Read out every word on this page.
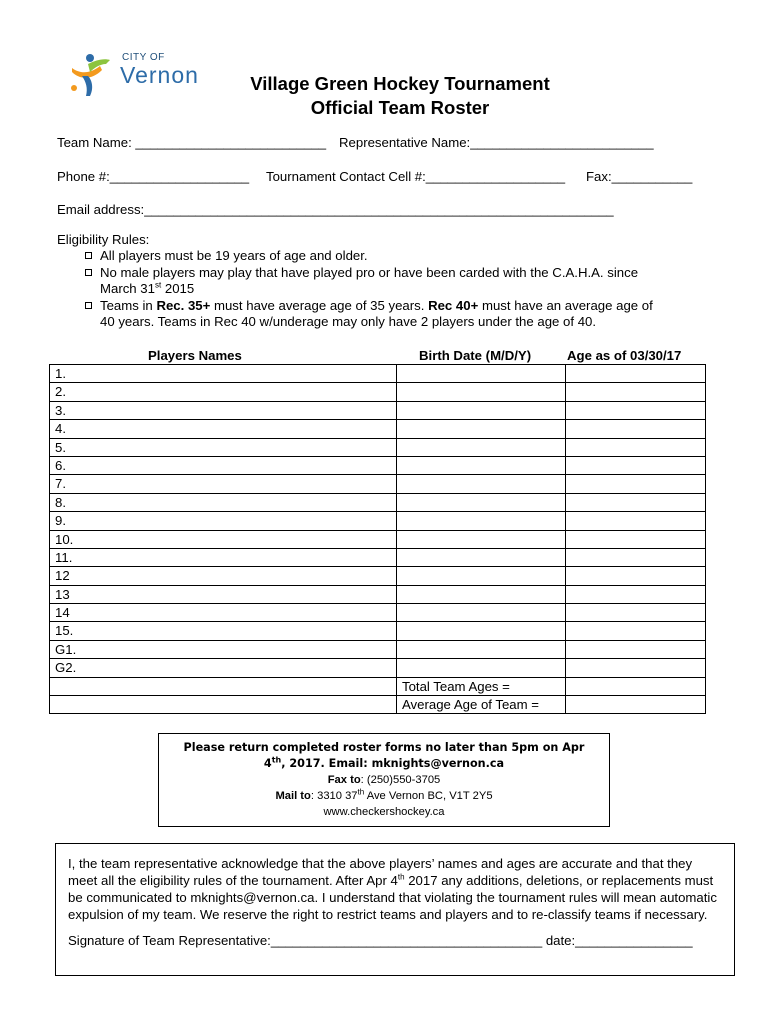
CITY OF
Vernon	Village Green Hockey Tournament
Official Team Roster
Team Name: __________________________ Representative Name:_________________________
Phone #:___________________ Tournament Contact Cell #:___________________ Fax:___________
Email address:________________________________________________________________
Eligibility Rules:
All players must be 19 years of age and older.
No male players may play that have played pro or have been carded with the C.A.H.A. since
March 31st 2015
Teams in Rec. 35+ must have average age of 35 years. Rec 40+ must have an average age of
40 years. Teams in Rec 40 w/underage may only have 2 players under the age of 40.
Players Names	Birth Date (M/D/Y)	Age as of 03/30/17
1.		
2.		
3.		
4.		
5.		
6.		
7.		
8.		
9.		
10.		
11.		
12		
13		
14		
15.		
G1.		
G2.		
	Total Team Ages =	
	Average Age of Team =	
Please return completed roster forms no later than 5pm on Apr
4th, 2017. Email: mknights@vernon.ca
Fax to: (250)550-3705
Mail to: 3310 37th Ave Vernon BC, V1T 2Y5
www.checkershockey.ca
I, the team representative acknowledge that the above players’ names and ages are accurate and that they meet all the eligibility rules of the tournament. After Apr 4th 2017 any additions, deletions, or replacements must be communicated to mknights@vernon.ca. I understand that violating the tournament rules will mean automatic expulsion of my team. We reserve the right to restrict teams and players and to re-classify teams if necessary.
Signature of Team Representative:_____________________________________ date:________________
